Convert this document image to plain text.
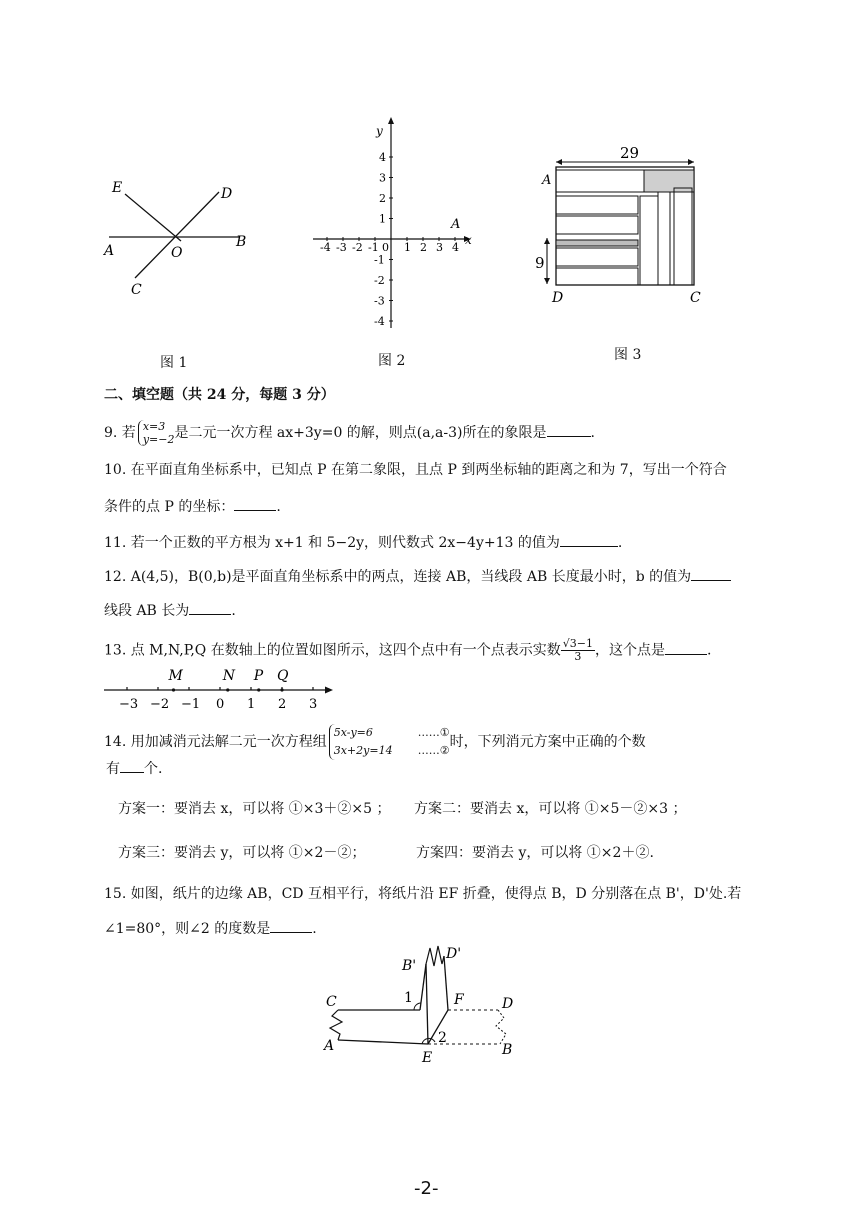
E	D
A	O
B
C
图 1
x
y
-4 -3 -2 -1 0 1 2 3 4
4
3
2
1
-1
-2
-3
-4
A
图 2
29
9
A
D	C
图 3
二、填空题（共 24 分，每题 3 分）
9. 若 x=3
y=−2是二元一次方程 ax+3y=0 的解，则点(a,a-3)所在的象限是	.
10. 在平面直角坐标系中，已知点 P 在第二象限，且点 P 到两坐标轴的距离之和为 7，写出一个符合
条件的点 P 的坐标：	.
11. 若一个正数的平方根为 x+1 和 5−2y，则代数式 2x−4y+13 的值为	.
12. A(4,5)，B(0,b)是平面直角坐标系中的两点，连接 AB，当线段 AB 长度最小时，b 的值为
线段 AB 长为	.
13. 点 M,N,P,Q 在数轴上的位置如图所示，这四个点中有一个点表示实数 $\frac{√3-1}{3}$，这个点是	.
−3 −2 −1 0 1 2 3
M	N P Q
14. 用加减消元法解二元一次方程组5x-y=6	……①
3x+2y=14 ……②时，下列消元方案中正确的个数
有 个.
方案一：要消去 x，可以将 ①×3＋②×5 ； 方案二：要消去 x，可以将 ①×5－②×3 ；
方案三：要消去 y，可以将 ①×2－②；	方案四：要消去 y，可以将 ①×2＋②.
15. 如图，纸片的边缘 AB，CD 互相平行，将纸片沿 EF 折叠，使得点 B，D 分别落在点 B'，D'处.若
∠1=80°，则∠2 的度数是	.
B'
D'
C	1	F	D
A	2
E	B
-2-
